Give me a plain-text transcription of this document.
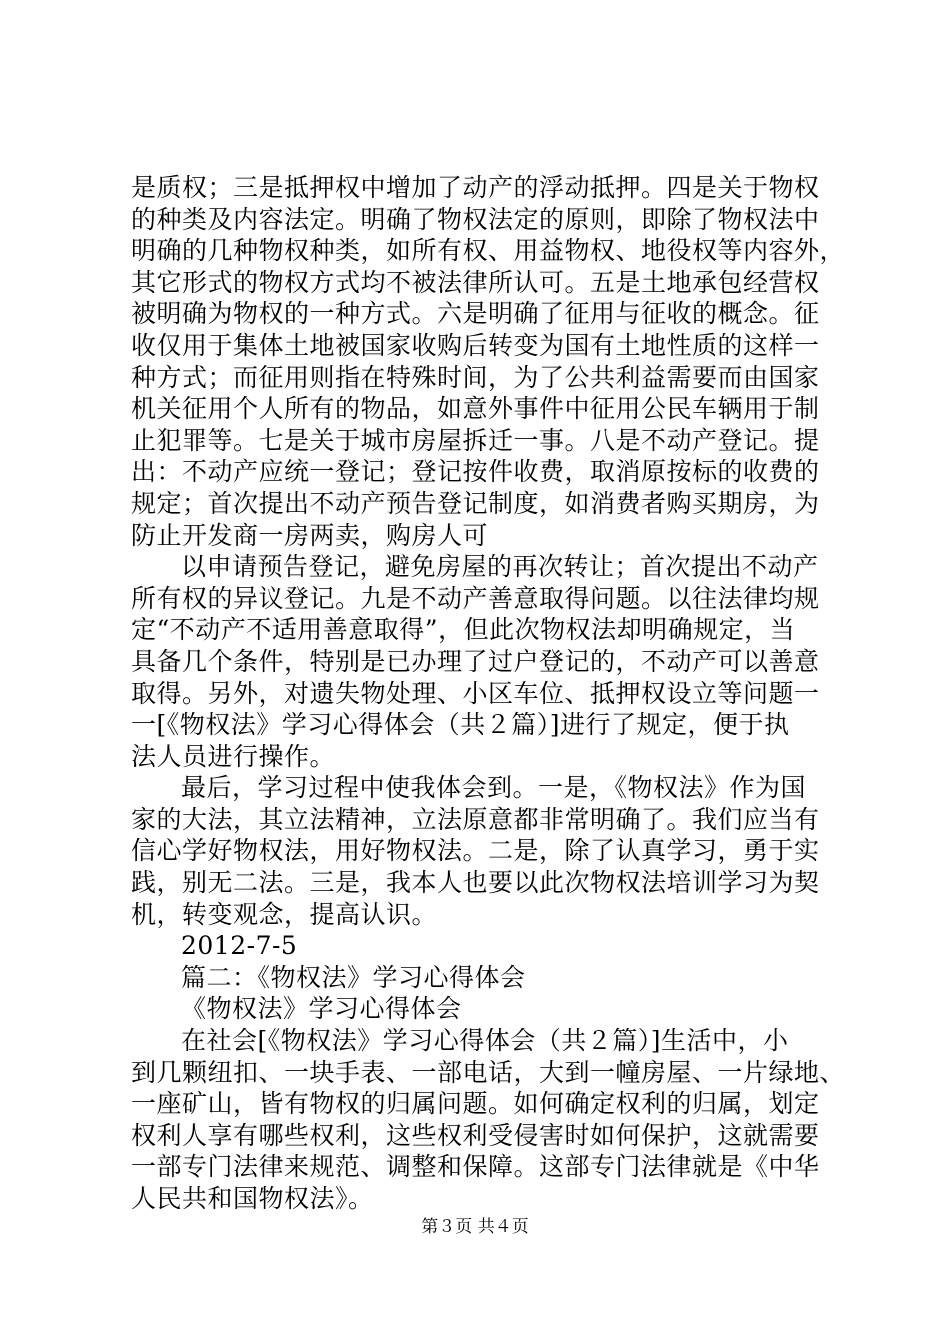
是质权；三是抵押权中增加了动产的浮动抵押。四是关于物权
的种类及内容法定。明确了物权法定的原则，即除了物权法中
明确的几种物权种类，如所有权、用益物权、地役权等内容外，
其它形式的物权方式均不被法律所认可。五是土地承包经营权
被明确为物权的一种方式。六是明确了征用与征收的概念。征
收仅用于集体土地被国家收购后转变为国有土地性质的这样一
种方式；而征用则指在特殊时间，为了公共利益需要而由国家
机关征用个人所有的物品，如意外事件中征用公民车辆用于制
止犯罪等。七是关于城市房屋拆迁一事。八是不动产登记。提
出：不动产应统一登记；登记按件收费，取消原按标的收费的
规定；首次提出不动产预告登记制度，如消费者购买期房，为
防止开发商一房两卖，购房人可
以申请预告登记，避免房屋的再次转让；首次提出不动产
所有权的异议登记。九是不动产善意取得问题。以往法律均规
定“不动产不适用善意取得”，但此次物权法却明确规定，当
具备几个条件，特别是已办理了过户登记的，不动产可以善意
取得。另外，对遗失物处理、小区车位、抵押权设立等问题一
一[《物权法》学习心得体会（共２篇）]进行了规定，便于执
法人员进行操作。
最后，学习过程中使我体会到。一是，《物权法》作为国
家的大法，其立法精神，立法原意都非常明确了。我们应当有
信心学好物权法，用好物权法。二是，除了认真学习，勇于实
践，别无二法。三是，我本人也要以此次物权法培训学习为契
机，转变观念，提高认识。
2012-7-5
篇二：《物权法》学习心得体会
《物权法》学习心得体会
在社会[《物权法》学习心得体会（共２篇）]生活中，小
到几颗纽扣、一块手表、一部电话，大到一幢房屋、一片绿地、
一座矿山，皆有物权的归属问题。如何确定权利的归属，划定
权利人享有哪些权利，这些权利受侵害时如何保护，这就需要
一部专门法律来规范、调整和保障。这部专门法律就是《中华
人民共和国物权法》。
第３页 共４页
